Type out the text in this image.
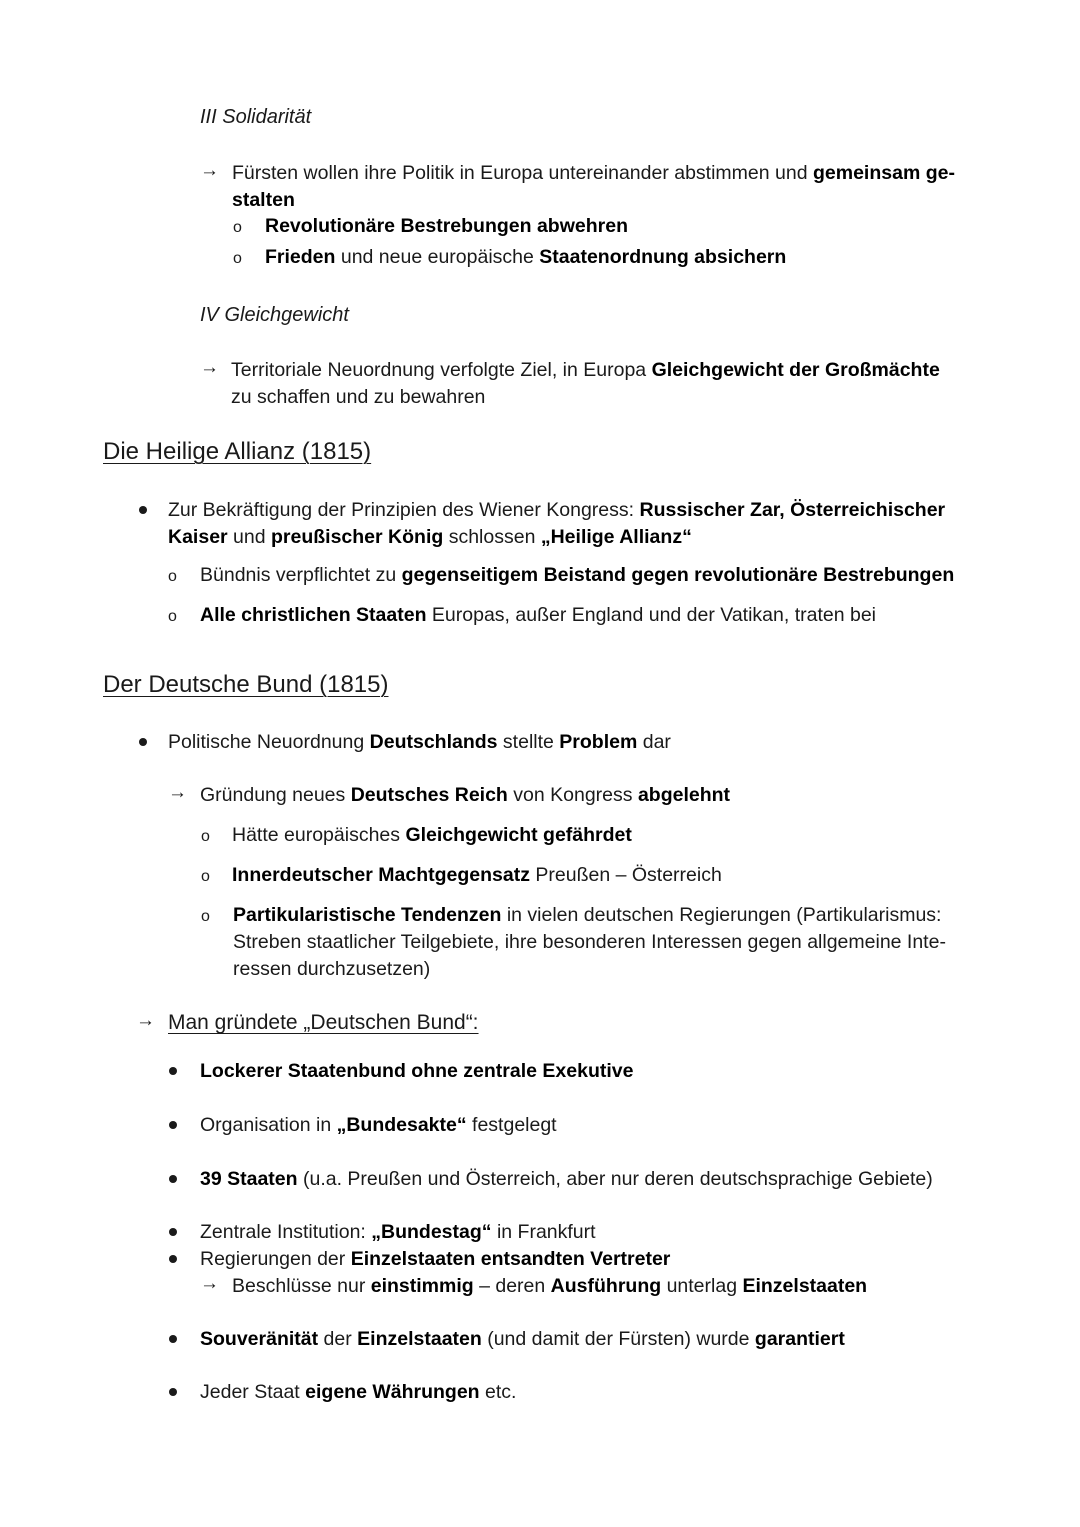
III Solidarität
→ Fürsten wollen ihre Politik in Europa untereinander abstimmen und gemeinsam ge-
stalten
o Revolutionäre Bestrebungen abwehren
o Frieden und neue europäische Staatenordnung absichern
IV Gleichgewicht
→ Territoriale Neuordnung verfolgte Ziel, in Europa Gleichgewicht der Großmächte
zu schaffen und zu bewahren
Die Heilige Allianz (1815)
Zur Bekräftigung der Prinzipien des Wiener Kongress: Russischer Zar, Österreichischer
Kaiser und preußischer König schlossen „Heilige Allianz“
o Bündnis verpflichtet zu gegenseitigem Beistand gegen revolutionäre Bestrebungen
o Alle christlichen Staaten Europas, außer England und der Vatikan, traten bei
Der Deutsche Bund (1815)
Politische Neuordnung Deutschlands stellte Problem dar
→ Gründung neues Deutsches Reich von Kongress abgelehnt
o Hätte europäisches Gleichgewicht gefährdet
o Innerdeutscher Machtgegensatz Preußen – Österreich
o Partikularistische Tendenzen in vielen deutschen Regierungen (Partikularismus:
Streben staatlicher Teilgebiete, ihre besonderen Interessen gegen allgemeine Inte-
ressen durchzusetzen)
→ Man gründete „Deutschen Bund“:
Lockerer Staatenbund ohne zentrale Exekutive
Organisation in „Bundesakte“ festgelegt
39 Staaten (u.a. Preußen und Österreich, aber nur deren deutschsprachige Gebiete)
Zentrale Institution: „Bundestag“ in Frankfurt
Regierungen der Einzelstaaten entsandten Vertreter
→ Beschlüsse nur einstimmig – deren Ausführung unterlag Einzelstaaten
Souveränität der Einzelstaaten (und damit der Fürsten) wurde garantiert
Jeder Staat eigene Währungen etc.
